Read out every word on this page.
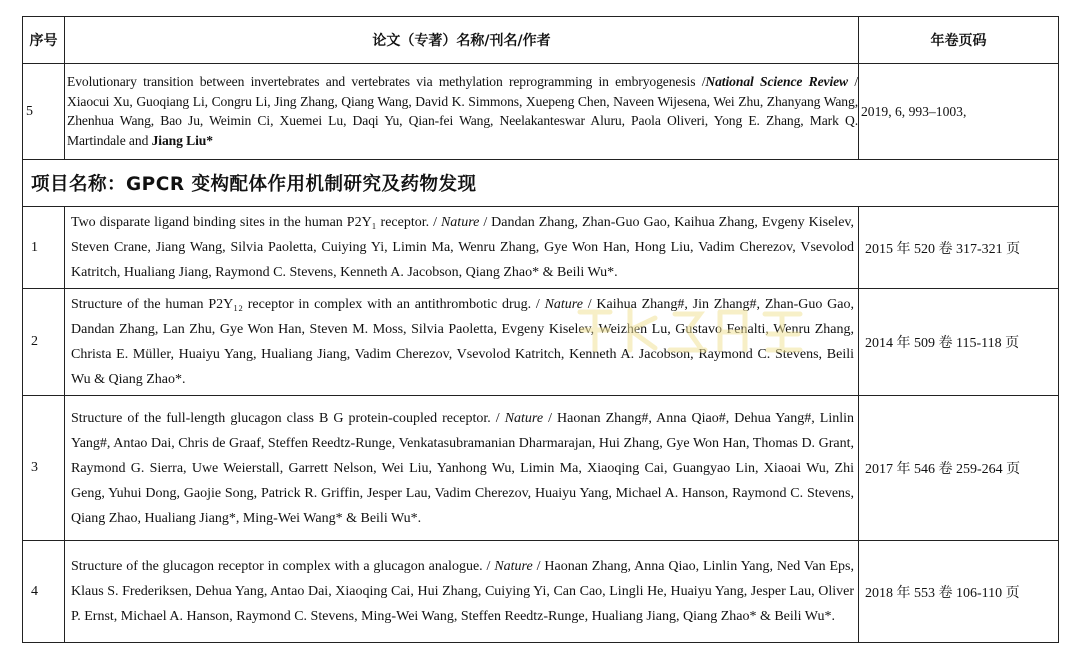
序号	论文（专著）名称/刊名/作者	年卷页码
5	Evolutionary transition between invertebrates and vertebrates via methylation reprogramming in embryogenesis /National Science Review / Xiaocui Xu, Guoqiang Li, Congru Li, Jing Zhang, Qiang Wang, David K. Simmons, Xuepeng Chen, Naveen Wijesena, Wei Zhu, Zhanyang Wang, Zhenhua Wang, Bao Ju, Weimin Ci, Xuemei Lu, Daqi Yu, Qian-fei Wang, Neelakanteswar Aluru, Paola Oliveri, Yong E. Zhang, Mark Q. Martindale and Jiang Liu*	2019, 6, 993–1003,
项目名称：GPCR 变构配体作用机制研究及药物发现		
1	Two disparate ligand binding sites in the human P2Y₁ receptor. / Nature / Dandan Zhang, Zhan-Guo Gao, Kaihua Zhang, Evgeny Kiselev, Steven Crane, Jiang Wang, Silvia Paoletta, Cuiying Yi, Limin Ma, Wenru Zhang, Gye Won Han, Hong Liu, Vadim Cherezov, Vsevolod Katritch, Hualiang Jiang, Raymond C. Stevens, Kenneth A. Jacobson, Qiang Zhao* & Beili Wu*.	2015 年 520 卷 317-321 页
2	Structure of the human P2Y₁₂ receptor in complex with an antithrombotic drug. / Nature / Kaihua Zhang#, Jin Zhang#, Zhan-Guo Gao, Dandan Zhang, Lan Zhu, Gye Won Han, Steven M. Moss, Silvia Paoletta, Evgeny Kiselev, Weizhen Lu, Gustavo Fenalti, Wenru Zhang, Christa E. Müller, Huaiyu Yang, Hualiang Jiang, Vadim Cherezov, Vsevolod Katritch, Kenneth A. Jacobson, Raymond C. Stevens, Beili Wu & Qiang Zhao*.	2014 年 509 卷 115-118 页
3	Structure of the full-length glucagon class B G protein-coupled receptor. / Nature / Haonan Zhang#, Anna Qiao#, Dehua Yang#, Linlin Yang#, Antao Dai, Chris de Graaf, Steffen Reedtz-Runge, Venkatasubramanian Dharmarajan, Hui Zhang, Gye Won Han, Thomas D. Grant, Raymond G. Sierra, Uwe Weierstall, Garrett Nelson, Wei Liu, Yanhong Wu, Limin Ma, Xiaoqing Cai, Guangyao Lin, Xiaoai Wu, Zhi Geng, Yuhui Dong, Gaojie Song, Patrick R. Griffin, Jesper Lau, Vadim Cherezov, Huaiyu Yang, Michael A. Hanson, Raymond C. Stevens, Qiang Zhao, Hualiang Jiang*, Ming-Wei Wang* & Beili Wu*.	2017 年 546 卷 259-264 页
4	Structure of the glucagon receptor in complex with a glucagon analogue. / Nature / Haonan Zhang, Anna Qiao, Linlin Yang, Ned Van Eps, Klaus S. Frederiksen, Dehua Yang, Antao Dai, Xiaoqing Cai, Hui Zhang, Cuiying Yi, Can Cao, Lingli He, Huaiyu Yang, Jesper Lau, Oliver P. Ernst, Michael A. Hanson, Raymond C. Stevens, Ming-Wei Wang, Steffen Reedtz-Runge, Hualiang Jiang, Qiang Zhao* & Beili Wu*.	2018 年 553 卷 106-110 页
